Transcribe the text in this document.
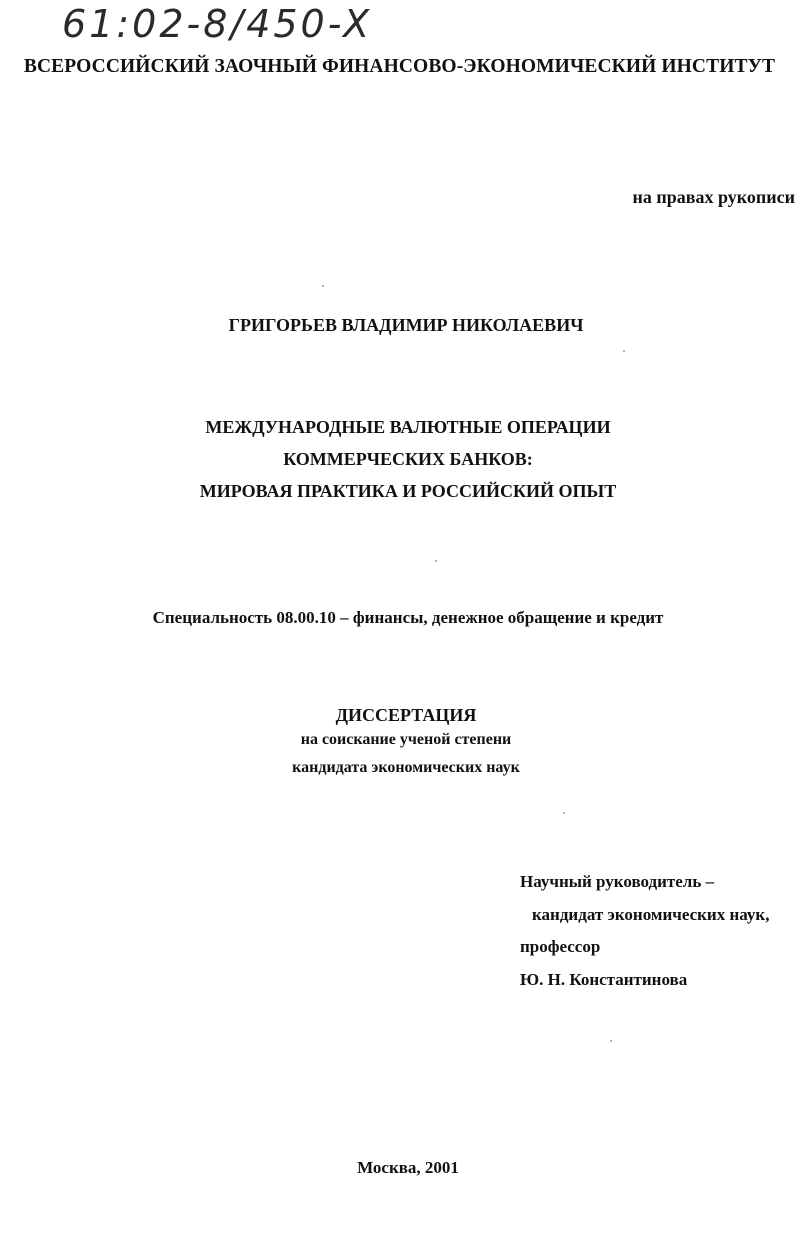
61:02-8/450-X
ВСЕРОССИЙСКИЙ ЗАОЧНЫЙ ФИНАНСОВО-ЭКОНОМИЧЕСКИЙ ИНСТИТУТ
на правах рукописи
ГРИГОРЬЕВ ВЛАДИМИР НИКОЛАЕВИЧ
МЕЖДУНАРОДНЫЕ ВАЛЮТНЫЕ ОПЕРАЦИИ
КОММЕРЧЕСКИХ БАНКОВ:
МИРОВАЯ ПРАКТИКА И РОССИЙСКИЙ ОПЫТ
Специальность 08.00.10 – финансы, денежное обращение и кредит
ДИССЕРТАЦИЯ
на соискание ученой степени
кандидата экономических наук
Научный руководитель –
кандидат экономических наук,
профессор
Ю. Н. Константинова
Москва, 2001
